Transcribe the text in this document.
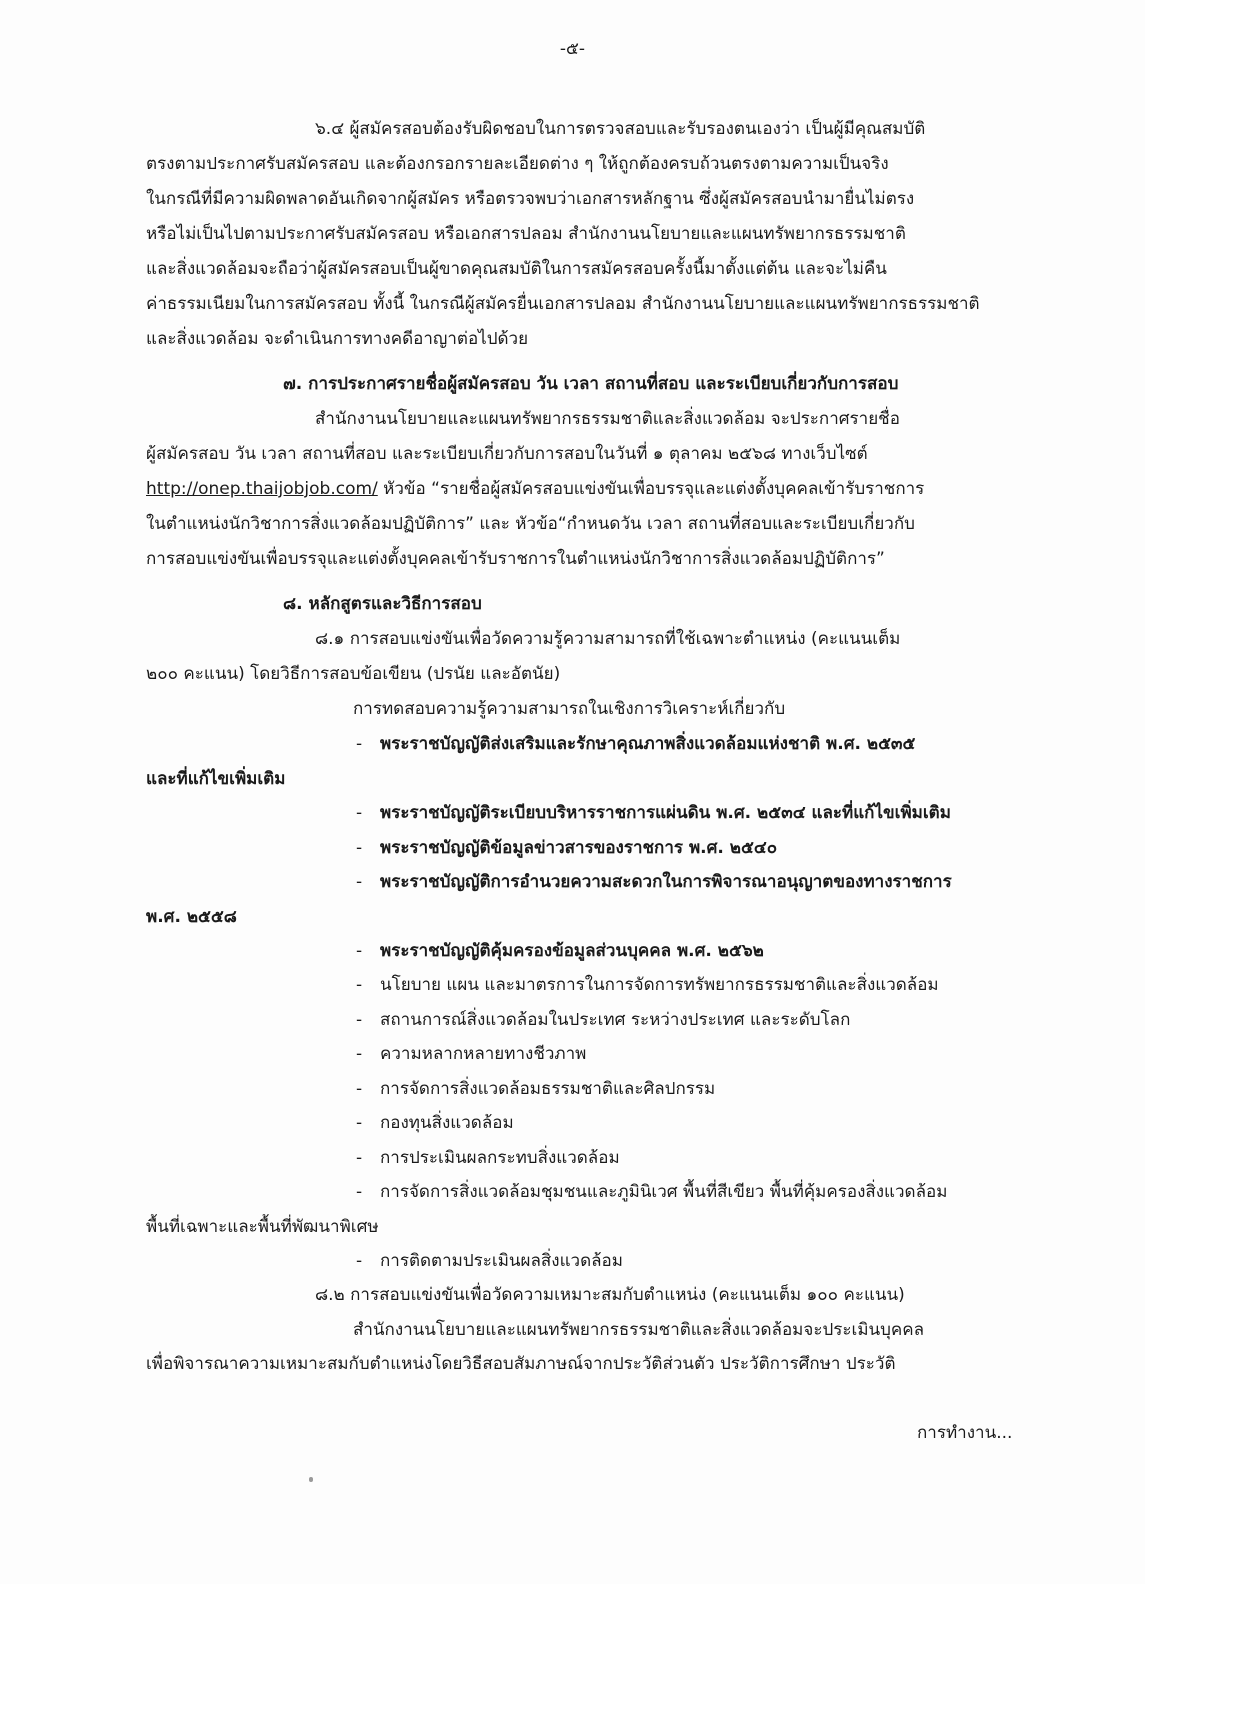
-๕-
๖.๔ ผู้สมัครสอบต้องรับผิดชอบในการตรวจสอบและรับรองตนเองว่า เป็นผู้มีคุณสมบัติ
ตรงตามประกาศรับสมัครสอบ และต้องกรอกรายละเอียดต่าง ๆ ให้ถูกต้องครบถ้วนตรงตามความเป็นจริง
ในกรณีที่มีความผิดพลาดอันเกิดจากผู้สมัคร หรือตรวจพบว่าเอกสารหลักฐาน ซึ่งผู้สมัครสอบนำมายื่นไม่ตรง
หรือไม่เป็นไปตามประกาศรับสมัครสอบ หรือเอกสารปลอม สำนักงานนโยบายและแผนทรัพยากรธรรมชาติ
และสิ่งแวดล้อมจะถือว่าผู้สมัครสอบเป็นผู้ขาดคุณสมบัติในการสมัครสอบครั้งนี้มาตั้งแต่ต้น และจะไม่คืน
ค่าธรรมเนียมในการสมัครสอบ ทั้งนี้ ในกรณีผู้สมัครยื่นเอกสารปลอม สำนักงานนโยบายและแผนทรัพยากรธรรมชาติ
และสิ่งแวดล้อม จะดำเนินการทางคดีอาญาต่อไปด้วย
๗. การประกาศรายชื่อผู้สมัครสอบ วัน เวลา สถานที่สอบ และระเบียบเกี่ยวกับการสอบ
สำนักงานนโยบายและแผนทรัพยากรธรรมชาติและสิ่งแวดล้อม จะประกาศรายชื่อ
ผู้สมัครสอบ วัน เวลา สถานที่สอบ และระเบียบเกี่ยวกับการสอบในวันที่ ๑ ตุลาคม ๒๕๖๘ ทางเว็บไซต์
http://onep.thaijobjob.com/ หัวข้อ “รายชื่อผู้สมัครสอบแข่งขันเพื่อบรรจุและแต่งตั้งบุคคลเข้ารับราชการ
ในตำแหน่งนักวิชาการสิ่งแวดล้อมปฏิบัติการ” และ หัวข้อ“กำหนดวัน เวลา สถานที่สอบและระเบียบเกี่ยวกับ
การสอบแข่งขันเพื่อบรรจุและแต่งตั้งบุคคลเข้ารับราชการในตำแหน่งนักวิชาการสิ่งแวดล้อมปฏิบัติการ”
๘. หลักสูตรและวิธีการสอบ
๘.๑ การสอบแข่งขันเพื่อวัดความรู้ความสามารถที่ใช้เฉพาะตำแหน่ง (คะแนนเต็ม
๒๐๐ คะแนน) โดยวิธีการสอบข้อเขียน (ปรนัย และอัตนัย)
การทดสอบความรู้ความสามารถในเชิงการวิเคราะห์เกี่ยวกับ
- พระราชบัญญัติส่งเสริมและรักษาคุณภาพสิ่งแวดล้อมแห่งชาติ พ.ศ. ๒๕๓๕
และที่แก้ไขเพิ่มเติม
- พระราชบัญญัติระเบียบบริหารราชการแผ่นดิน พ.ศ. ๒๕๓๔ และที่แก้ไขเพิ่มเติม
- พระราชบัญญัติข้อมูลข่าวสารของราชการ พ.ศ. ๒๕๔๐
- พระราชบัญญัติการอำนวยความสะดวกในการพิจารณาอนุญาตของทางราชการ
พ.ศ. ๒๕๕๘
- พระราชบัญญัติคุ้มครองข้อมูลส่วนบุคคล พ.ศ. ๒๕๖๒
- นโยบาย แผน และมาตรการในการจัดการทรัพยากรธรรมชาติและสิ่งแวดล้อม
- สถานการณ์สิ่งแวดล้อมในประเทศ ระหว่างประเทศ และระดับโลก
- ความหลากหลายทางชีวภาพ
- การจัดการสิ่งแวดล้อมธรรมชาติและศิลปกรรม
- กองทุนสิ่งแวดล้อม
- การประเมินผลกระทบสิ่งแวดล้อม
- การจัดการสิ่งแวดล้อมชุมชนและภูมินิเวศ พื้นที่สีเขียว พื้นที่คุ้มครองสิ่งแวดล้อม
พื้นที่เฉพาะและพื้นที่พัฒนาพิเศษ
- การติดตามประเมินผลสิ่งแวดล้อม
๘.๒ การสอบแข่งขันเพื่อวัดความเหมาะสมกับตำแหน่ง (คะแนนเต็ม ๑๐๐ คะแนน)
สำนักงานนโยบายและแผนทรัพยากรธรรมชาติและสิ่งแวดล้อมจะประเมินบุคคล
เพื่อพิจารณาความเหมาะสมกับตำแหน่งโดยวิธีสอบสัมภาษณ์จากประวัติส่วนตัว ประวัติการศึกษา ประวัติ
การทำงาน...
